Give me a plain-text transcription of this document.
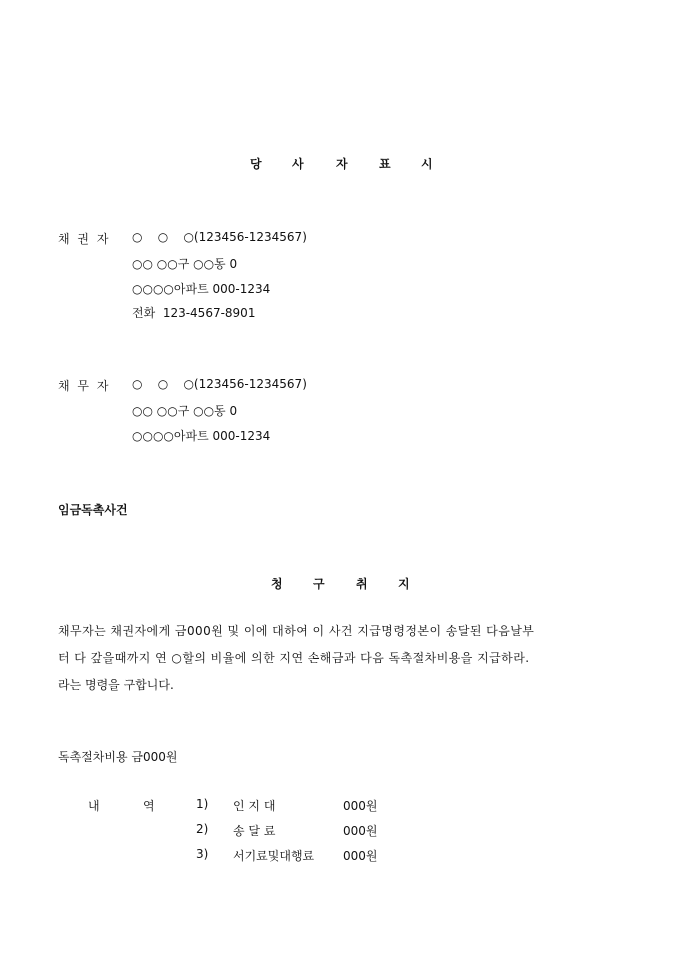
당	사	자	표	시
채 권 자 ○    ○    ○(123456-1234567)
○○ ○○구 ○○동 0
○○○○아파트 000-1234
전화  123-4567-8901
채 무 자 ○    ○    ○(123456-1234567)
○○ ○○구 ○○동 0
○○○○아파트 000-1234
임금독촉사건
청	구	취	지
채무자는 채권자에게 금000원 및 이에 대하여 이 사건 지급명령정본이 송달된 다음날부
터 다 갚을때까지 연 ○할의 비율에 의한 지연 손해금과 다음 독촉절차비용을 지급하라.
라는 명령을 구합니다.
독촉절차비용 금000원
내	역	1) 인 지 대	000원
2) 송 달 료	000원
3) 서기료및대행료 000원
